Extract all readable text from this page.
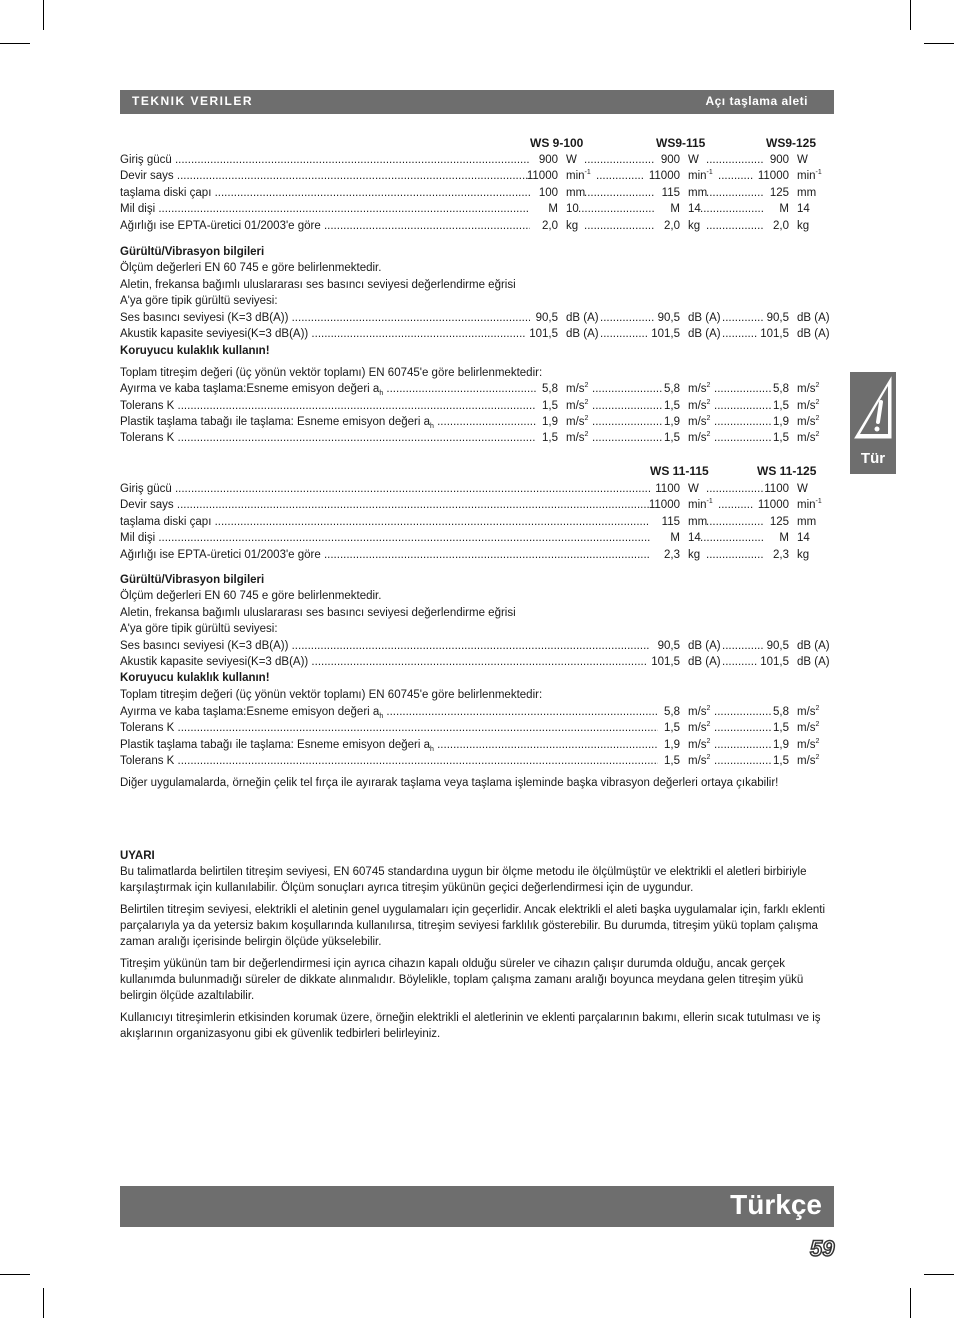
TEKNIK VERILER	Açı taşlama aleti
WS 9-100	WS9-115	WS9-125
Giriş gücü .....	900 W .....	900 W .....	900 W
Devir says .....	11000 $\min^{-1}$ .....	11000 $\min^{-1}$ .....	11000 $\min^{-1}$
taşlama diski çapı .....	100 mm .....	115 mm .....	125 mm
Mil dişi .....	M 10 .....	M 14 .....	M 14
Ağırlığı ise EPTA-üretici 01/2003'e göre .....	2,0 kg .....	2,0 kg .....	2,0 kg
Gürültü/Vibrasyon bilgileri
Ölçüm değerleri EN 60 745 e göre belirlenmektedir.
Aletin, frekansa bağımlı uluslararası ses basıncı seviyesi değerlendirme eğrisi
A'ya göre tipik gürültü seviyesi:
Ses basıncı seviyesi (K=3 dB(A)) .....	90,5 dB (A) .....	90,5 dB (A) .....	90,5 dB (A)
Akustik kapasite seviyesi(K=3 dB(A)) .....	101,5 dB (A) .....	101,5 dB (A) .....	101,5 dB (A)
Koruyucu kulaklık kullanın!
Toplam titreşim değeri (üç yönün vektör toplamı) EN 60745'e göre belirlenmektedir:
Ayırma ve kaba taşlama:Esneme emisyon değeri $a_h$ .....	5,8 $m/s^2$ .....	5,8 $m/s^2$ .....	5,8 $m/s^2$
Tolerans K .....	1,5 $m/s^2$ .....	1,5 $m/s^2$ .....	1,5 $m/s^2$
Plastik taşlama tabağı ile taşlama: Esneme emisyon değeri $a_h$ .....	1,9 $m/s^2$ .....	1,9 $m/s^2$ .....	1,9 $m/s^2$
Tolerans K .....	1,5 $m/s^2$ .....	1,5 $m/s^2$ .....	1,5 $m/s^2$
WS 11-115	WS 11-125
Giriş gücü .....	1100 W .....	1100 W
Devir says .....	11000 $\min^{-1}$ .....	11000 $\min^{-1}$
taşlama diski çapı .....	115 mm .....	125 mm
Mil dişi .....	M 14 .....	M 14
Ağırlığı ise EPTA-üretici 01/2003'e göre .....	2,3 kg .....	2,3 kg
Gürültü/Vibrasyon bilgileri
Ölçüm değerleri EN 60 745 e göre belirlenmektedir.
Aletin, frekansa bağımlı uluslararası ses basıncı seviyesi değerlendirme eğrisi
A'ya göre tipik gürültü seviyesi:
Ses basıncı seviyesi (K=3 dB(A)) .....	90,5 dB (A) .....	90,5 dB (A)
Akustik kapasite seviyesi(K=3 dB(A)) .....	101,5 dB (A) .....	101,5 dB (A)
Koruyucu kulaklık kullanın!
Toplam titreşim değeri (üç yönün vektör toplamı) EN 60745'e göre belirlenmektedir:
Ayırma ve kaba taşlama:Esneme emisyon değeri $a_h$ .....	5,8 $m/s^2$ .....	5,8 $m/s^2$
Tolerans K .....	1,5 $m/s^2$ .....	1,5 $m/s^2$
Plastik taşlama tabağı ile taşlama: Esneme emisyon değeri $a_h$ .....	1,9 $m/s^2$ .....	1,9 $m/s^2$
Tolerans K .....	1,5 $m/s^2$ .....	1,5 $m/s^2$
Diğer uygulamalarda, örneğin çelik tel fırça ile ayırarak taşlama veya taşlama işleminde başka vibrasyon değerleri ortaya çıkabilir!
UYARI
Bu talimatlarda belirtilen titreşim seviyesi, EN 60745 standardına uygun bir ölçme metodu ile ölçülmüştür ve elektrikli el aletleri birbiriyle karşılaştırmak için kullanılabilir. Ölçüm sonuçları ayrıca titreşim yükünün geçici değerlendirmesi için de uygundur.
Belirtilen titreşim seviyesi, elektrikli el aletinin genel uygulamaları için geçerlidir. Ancak elektrikli el aleti başka uygulamalar için, farklı eklenti parçalarıyla ya da yetersiz bakım koşullarında kullanılırsa, titreşim seviyesi farklılık gösterebilir. Bu durumda, titreşim yükü toplam çalışma zaman aralığı içerisinde belirgin ölçüde yükselebilir.
Titreşim yükünün tam bir değerlendirmesi için ayrıca cihazın kapalı olduğu süreler ve cihazın çalışır durumda olduğu, ancak gerçek kullanımda bulunmadığı süreler de dikkate alınmalıdır. Böylelikle, toplam çalışma zamanı aralığı boyunca meydana gelen titreşim yükü belirgin ölçüde azaltılabilir.
Kullanıcıyı titreşimlerin etkisinden korumak üzere, örneğin elektrikli el aletlerinin ve eklenti parçalarının bakımı, ellerin sıcak tutulması ve iş akışlarının organizasyonu gibi ek güvenlik tedbirleri belirleyiniz.
Tür
Türkçe
59
